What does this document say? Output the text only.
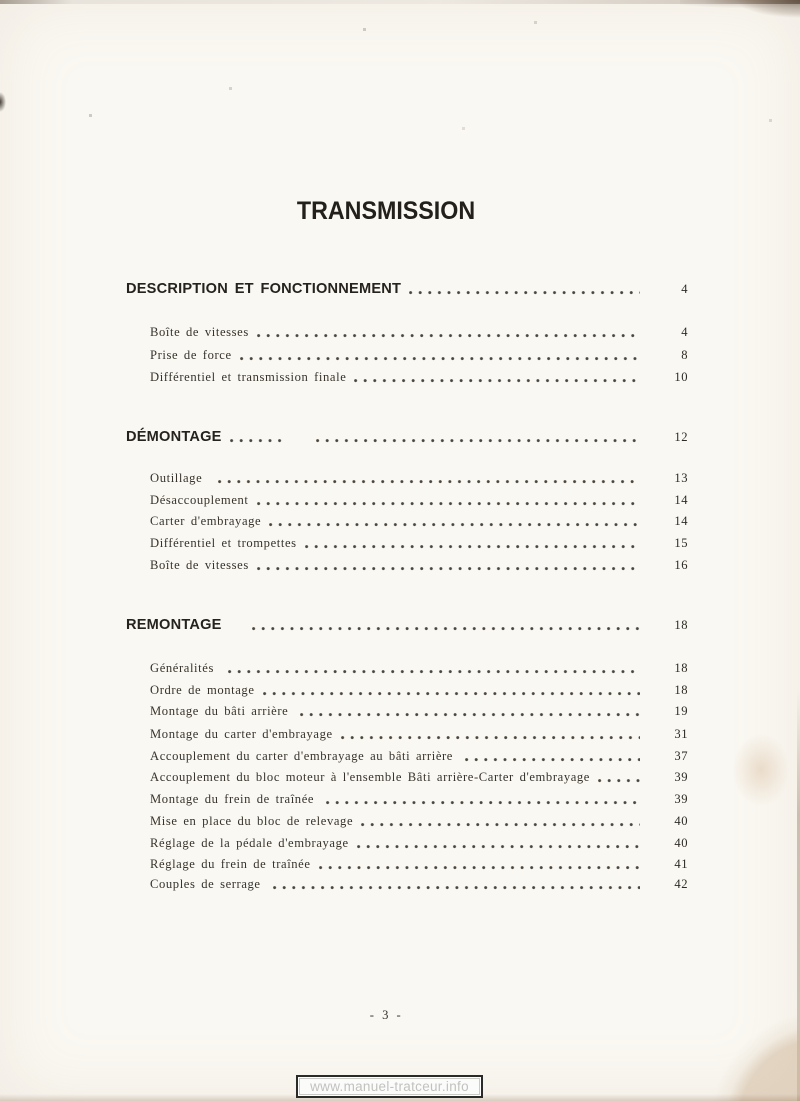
TRANSMISSION
DESCRIPTION ET FONCTIONNEMENT	4
Boîte de vitesses	4
Prise de force	8
Différentiel et transmission finale	10
DÉMONTAGE	12
Outillage	13
Désaccouplement	14
Carter d'embrayage	14
Différentiel et trompettes	15
Boîte de vitesses	16
REMONTAGE	18
Généralités	18
Ordre de montage	18
Montage du bâti arrière	19
Montage du carter d'embrayage	31
Accouplement du carter d'embrayage au bâti arrière	37
Accouplement du bloc moteur à l'ensemble Bâti arrière-Carter d'embrayage	39
Montage du frein de traînée	39
Mise en place du bloc de relevage	40
Réglage de la pédale d'embrayage	40
Réglage du frein de traînée	41
Couples de serrage	42
- 3 -
www.manuel-tratceur.info
